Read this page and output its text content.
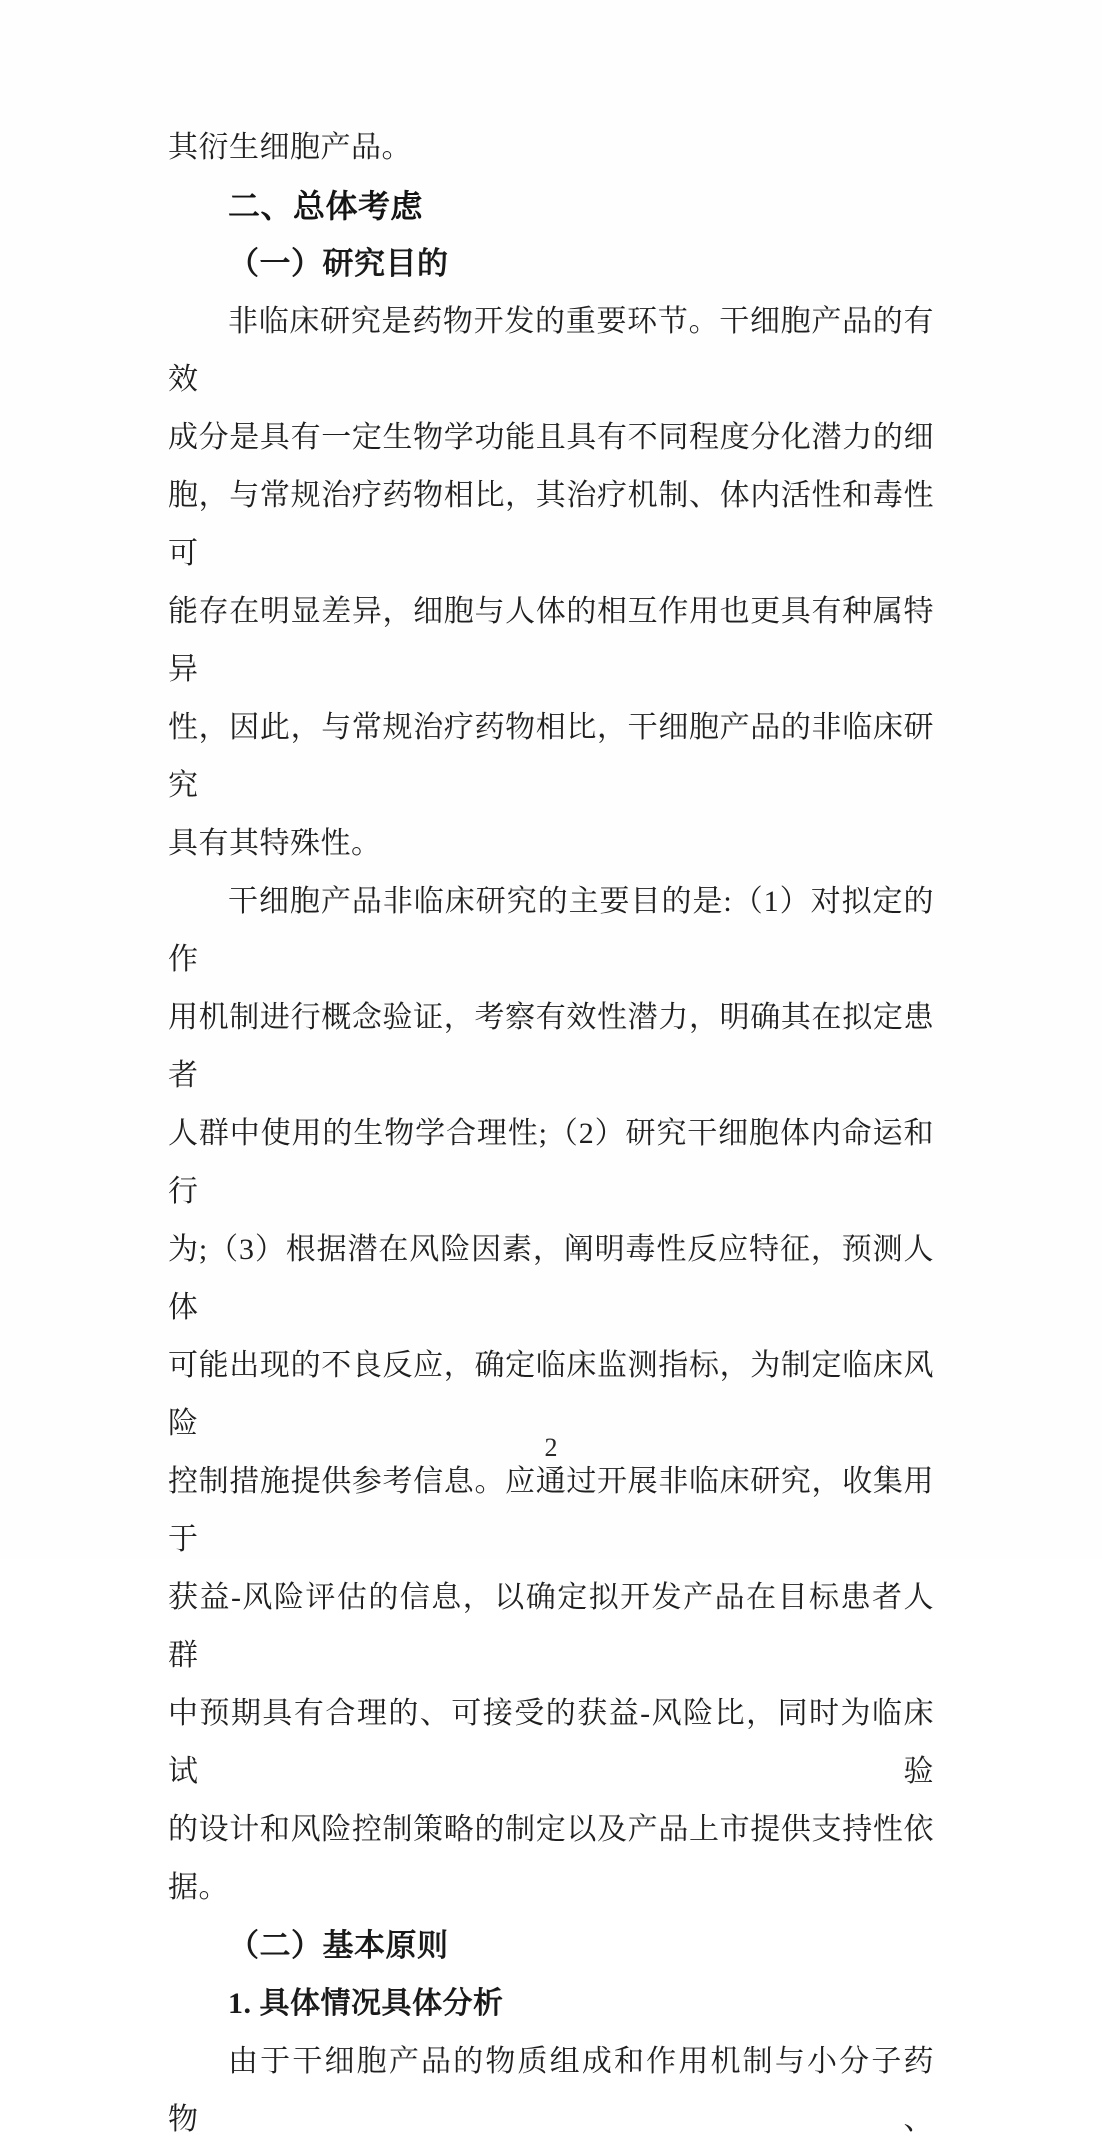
其衍生细胞产品。
二、总体考虑
（一）研究目的
非临床研究是药物开发的重要环节。干细胞产品的有效
成分是具有一定生物学功能且具有不同程度分化潜力的细
胞，与常规治疗药物相比，其治疗机制、体内活性和毒性可
能存在明显差异，细胞与人体的相互作用也更具有种属特异
性，因此，与常规治疗药物相比，干细胞产品的非临床研究
具有其特殊性。
干细胞产品非临床研究的主要目的是:（1）对拟定的作
用机制进行概念验证，考察有效性潜力，明确其在拟定患者
人群中使用的生物学合理性;（2）研究干细胞体内命运和行
为;（3）根据潜在风险因素，阐明毒性反应特征，预测人体
可能出现的不良反应，确定临床监测指标，为制定临床风险
控制措施提供参考信息。应通过开展非临床研究，收集用于
获益-风险评估的信息，以确定拟开发产品在目标患者人群
中预期具有合理的、可接受的获益-风险比，同时为临床试验
的设计和风险控制策略的制定以及产品上市提供支持性依
据。
（二）基本原则
1. 具体情况具体分析
由于干细胞产品的物质组成和作用机制与小分子药物、
2
